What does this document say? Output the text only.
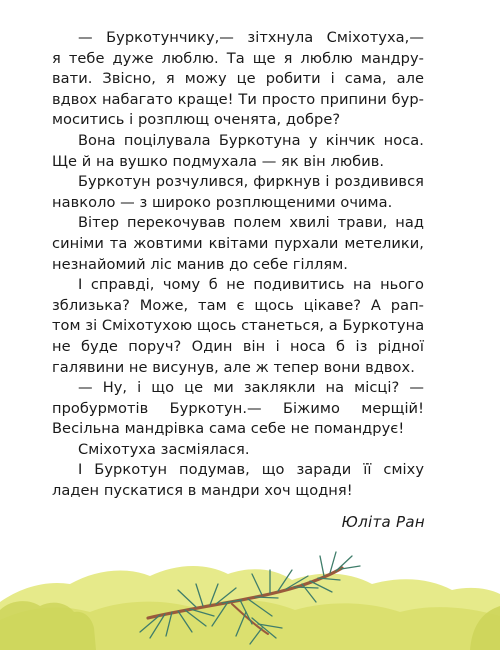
— Буркотунчику,— зітхнула Сміхотуха,—
я тебе дуже люблю. Та ще я люблю мандру-
вати. Звісно, я можу це робити і сама, але
вдвох набагато краще! Ти просто припини бур-
моситись і розплющ оченята, добре?

Вона поцілувала Буркотуна у кінчик носа.
Ще й на вушко подмухала — як він любив.

Буркотун розчулився, фиркнув і роздивився
навколо — з широко розплющеними очима.

Вітер перекочував полем хвилі трави, над
синіми та жовтими квітами пурхали метелики,
незнайомий ліс манив до себе гіллям.

І справді, чому б не подивитись на нього
зблизька? Може, там є щось цікаве? А рап-
том зі Сміхотухою щось станеться, а Буркотуна
не буде поруч? Один він і носа б із рідної
галявини не висунув, але ж тепер вони вдвох.

— Ну, і що це ми заклякли на місці? —
пробурмотів Буркотун.— Біжимо мерщій!
Весільна мандрівка сама себе не помандрує!

Сміхотуха засміялася.

І Буркотун подумав, що заради її сміху
ладен пускатися в мандри хоч щодня!

Юліта Ран
